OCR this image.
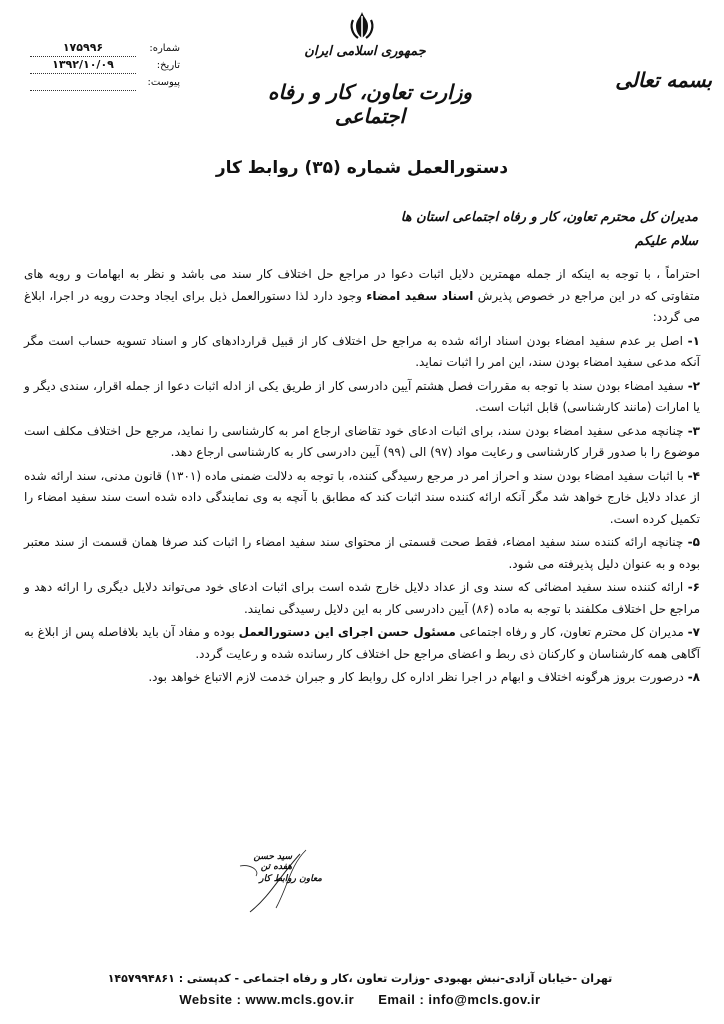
جمهوری اسلامی ایران
وزارت تعاون، کار و رفاه اجتماعی
بسمه تعالی
شماره:
۱۷۵۹۹۶
تاریخ:
۱۳۹۲/۱۰/۰۹
پیوست:

دستورالعمل شماره (۳۵) روابط کار
مدیران کل محترم تعاون، کار و رفاه اجتماعی استان ها
سلام علیکم

احتراماً ، با توجه به اینکه از جمله مهمترین دلایل اثبات دعوا در مراجع حل اختلاف کار سند می باشد و نظر به ابهامات و رویه های متفاوتی که در این مراجع در خصوص پذیرش اسناد سفید امضاء وجود دارد لذا دستورالعمل ذیل برای ایجاد وحدت رویه در اجرا، ابلاغ می گردد:

۱- اصل بر عدم سفید امضاء بودن اسناد ارائه شده به مراجع حل اختلاف کار از قبیل قراردادهای کار و اسناد تسویه حساب است مگر آنکه مدعی سفید امضاء بودن سند، این امر را اثبات نماید.

۲- سفید امضاء بودن سند با توجه به مقررات فصل هشتم آیین دادرسی کار از طریق یکی از ادله اثبات دعوا از جمله اقرار، سندی دیگر و یا امارات (مانند کارشناسی) قابل اثبات است.

۳- چنانچه مدعی سفید امضاء بودن سند، برای اثبات ادعای خود تقاضای ارجاع امر به کارشناسی را نماید، مرجع حل اختلاف مکلف است موضوع را با صدور قرار کارشناسی و رعایت مواد (۹۷) الی (۹۹) آیین دادرسی کار به کارشناسی ارجاع دهد.

۴- با اثبات سفید امضاء بودن سند و احراز امر در مرجع رسیدگی کننده، با توجه به دلالت ضمنی ماده (۱۳۰۱) قانون مدنی، سند ارائه شده از عداد دلایل خارج خواهد شد مگر آنکه ارائه کننده سند اثبات کند که مطابق با آنچه به وی نمایندگی داده شده است سند سفید امضاء را تکمیل کرده است.

۵- چنانچه ارائه کننده سند سفید امضاء، فقط صحت قسمتی از محتوای سند سفید امضاء را اثبات کند صرفا همان قسمت از سند معتبر بوده و به عنوان دلیل پذیرفته می شود.

۶- ارائه کننده سند سفید امضائی که سند وی از عداد دلایل خارج شده است برای اثبات ادعای خود می‌تواند دلایل دیگری را ارائه دهد و مراجع حل اختلاف مکلفند با توجه به ماده (۸۶) آیین دادرسی کار به این دلایل رسیدگی نمایند.

۷- مدیران کل محترم تعاون، کار و رفاه اجتماعی مسئول حسن اجرای این دستورالعمل بوده و مفاد آن باید بلافاصله پس از ابلاغ به آگاهی همه کارشناسان و کارکنان ذی ربط و اعضای مراجع حل اختلاف کار رسانده شده و رعایت گردد.

۸- درصورت بروز هرگونه اختلاف و ابهام در اجرا نظر اداره کل روابط کار و جبران خدمت لازم الاتباع خواهد بود.

سید حسن هفده تن
معاون روابط کار
تهران -خیابان آزادی-نبش بهبودی -وزارت تعاون ،کار و رفاه اجتماعی - کدپستی : ۱۴۵۷۹۹۴۸۶۱
Website : www.mcls.gov.ir Email : info@mcls.gov.ir
